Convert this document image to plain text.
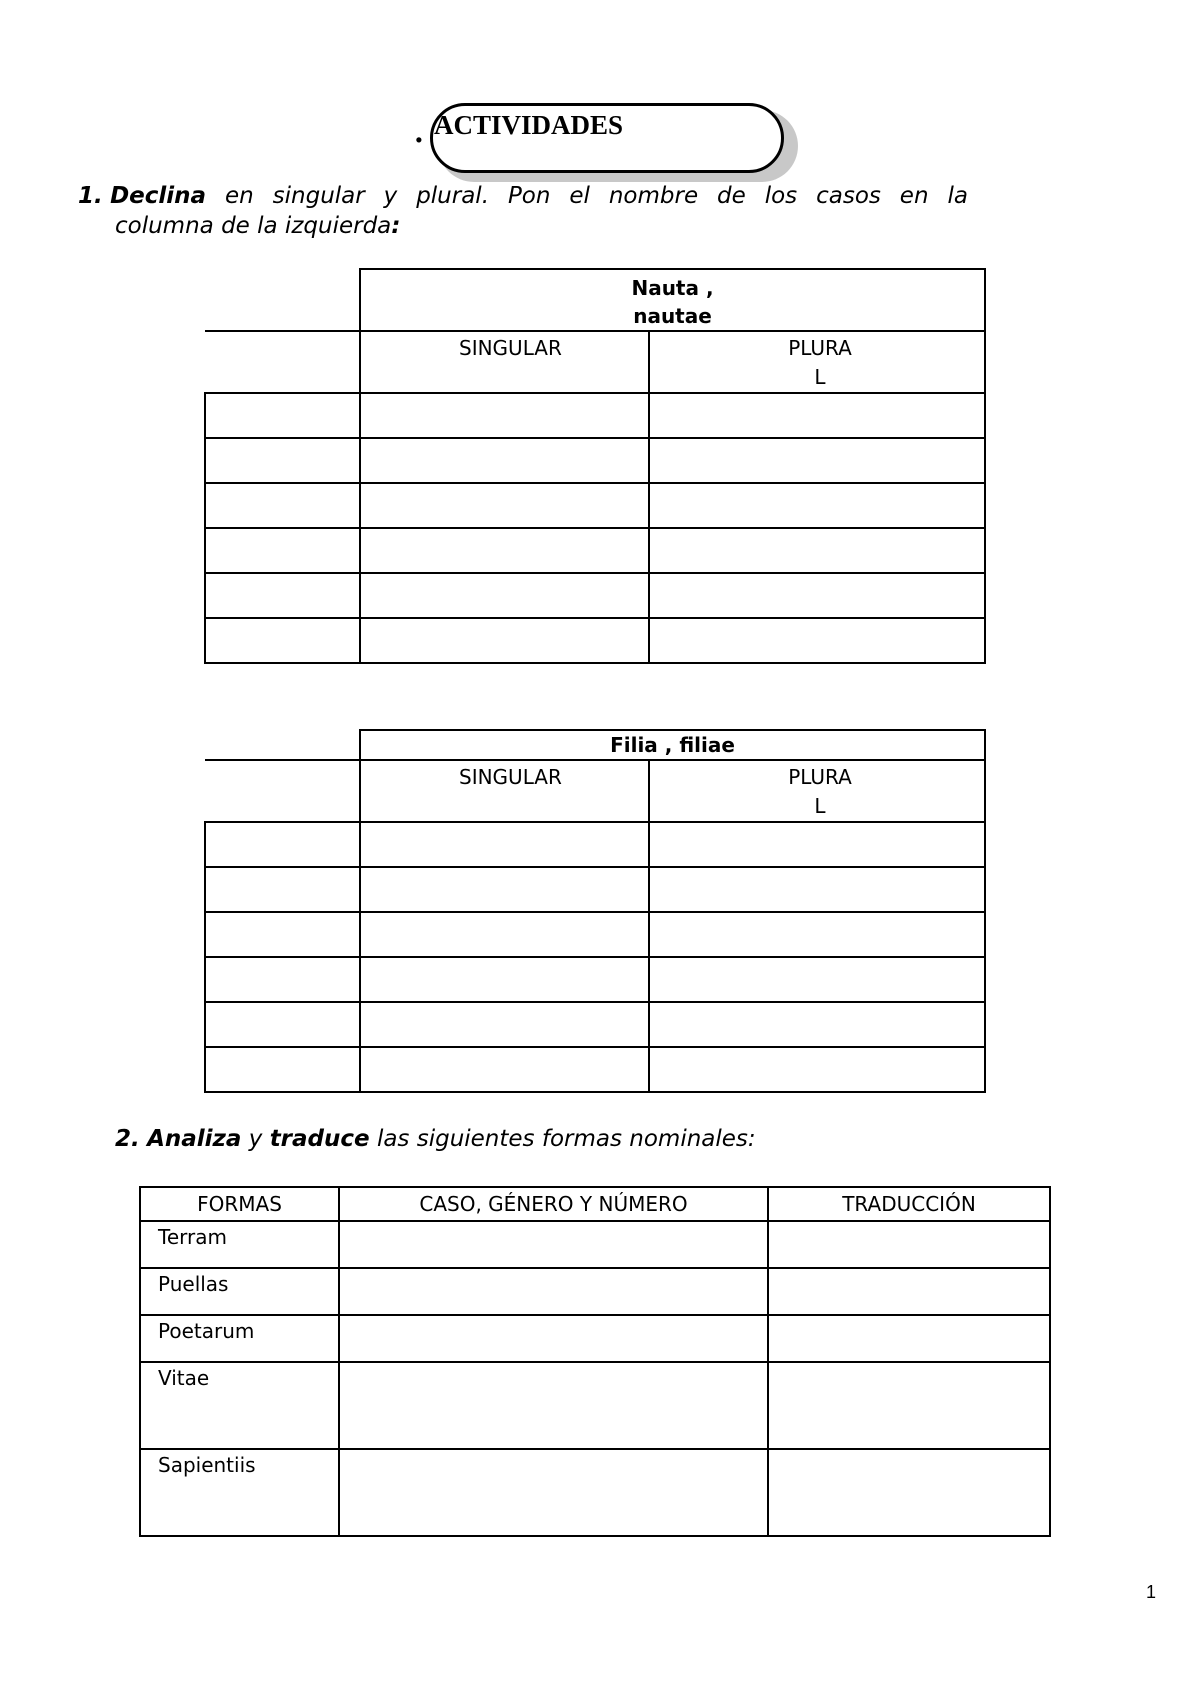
. ACTIVIDADES
1. Declina en singular y plural. Pon el nombre de los casos en la
columna de la izquierda:

	Nauta ,
nautae	

	SINGULAR	PLURAL

	Filia , filiae	

	SINGULAR	PLURAL

2. Analiza y traduce las siguientes formas nominales:
FORMAS	CASO, GÉNERO Y NÚMERO	TRADUCCIÓN
Terram		
Puellas		
Poetarum		
Vitae		
Sapientiis		
1
